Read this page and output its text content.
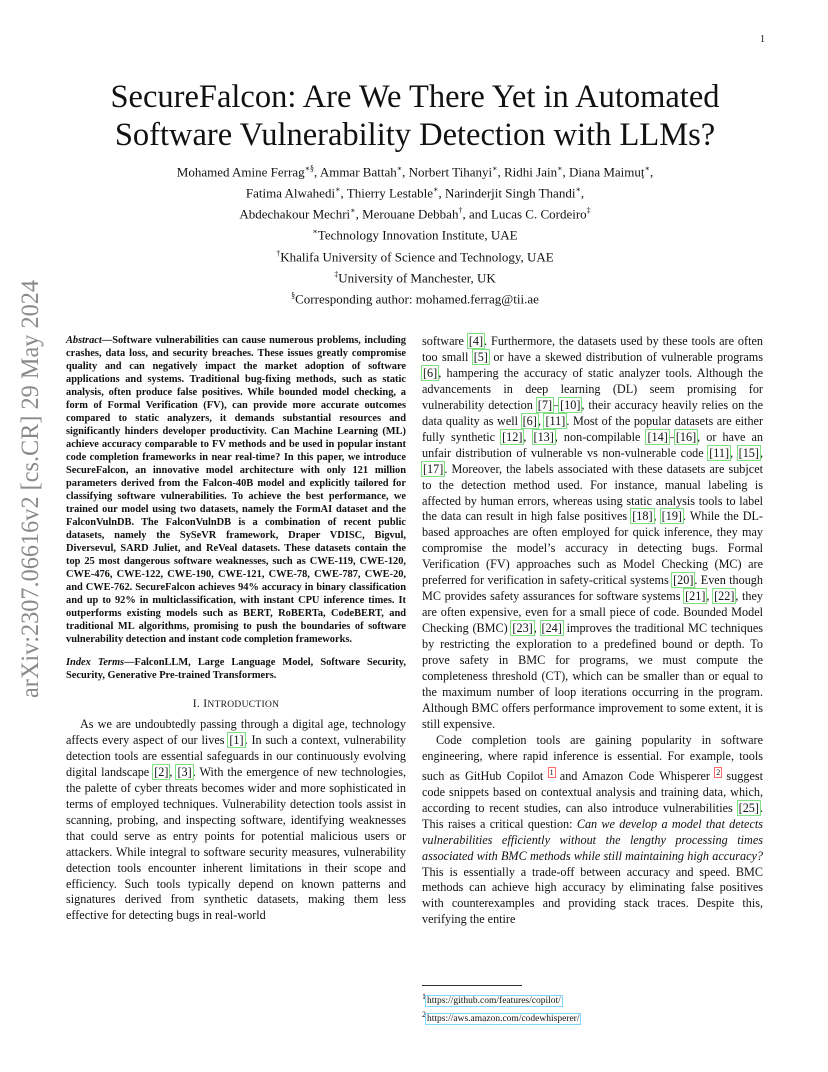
1
arXiv:2307.06616v2 [cs.CR] 29 May 2024
SecureFalcon: Are We There Yet in Automated
Software Vulnerability Detection with LLMs?
Mohamed Amine Ferrag∗§, Ammar Battah∗, Norbert Tihanyi∗, Ridhi Jain∗, Diana Maimuț∗,
Fatima Alwahedi∗, Thierry Lestable∗, Narinderjit Singh Thandi∗,
Abdechakour Mechri∗, Merouane Debbah†, and Lucas C. Cordeiro‡
∗Technology Innovation Institute, UAE
†Khalifa University of Science and Technology, UAE
‡University of Manchester, UK
§Corresponding author: mohamed.ferrag@tii.ae
Abstract—Software vulnerabilities can cause numerous problems, including crashes, data loss, and security breaches. These issues greatly compromise quality and can negatively impact the market adoption of software applications and systems. Traditional bug-fixing methods, such as static analysis, often produce false positives. While bounded model checking, a form of Formal Verification (FV), can provide more accurate outcomes compared to static analyzers, it demands substantial resources and significantly hinders developer productivity. Can Machine Learning (ML) achieve accuracy comparable to FV methods and be used in popular instant code completion frameworks in near real-time? In this paper, we introduce SecureFalcon, an innovative model architecture with only 121 million parameters derived from the Falcon-40B model and explicitly tailored for classifying software vulnerabilities. To achieve the best performance, we trained our model using two datasets, namely the FormAI dataset and the FalconVulnDB. The FalconVulnDB is a combination of recent public datasets, namely the SySeVR framework, Draper VDISC, Bigvul, Diversevul, SARD Juliet, and ReVeal datasets. These datasets contain the top 25 most dangerous software weaknesses, such as CWE-119, CWE-120, CWE-476, CWE-122, CWE-190, CWE-121, CWE-78, CWE-787, CWE-20, and CWE-762. SecureFalcon achieves 94% accuracy in binary classification and up to 92% in multiclassification, with instant CPU inference times. It outperforms existing models such as BERT, RoBERTa, CodeBERT, and traditional ML algorithms, promising to push the boundaries of software vulnerability detection and instant code completion frameworks.
Index Terms—FalconLLM, Large Language Model, Software Security, Security, Generative Pre-trained Transformers.
I. INTRODUCTION

As we are undoubtedly passing through a digital age, technology affects every aspect of our lives [1]. In such a context, vulnerability detection tools are essential safeguards in our continuously evolving digital landscape [2], [3]. With the emergence of new technologies, the palette of cyber threats becomes wider and more sophisticated in terms of employed techniques. Vulnerability detection tools assist in scanning, probing, and inspecting software, identifying weaknesses that could serve as entry points for potential malicious users or attackers. While integral to software security measures, vulnerability detection tools encounter inherent limitations in their scope and efficiency. Such tools typically depend on known patterns and signatures derived from synthetic datasets, making them less effective for detecting bugs in real-world

software [4]. Furthermore, the datasets used by these tools are often too small [5] or have a skewed distribution of vulnerable programs [6], hampering the accuracy of static analyzer tools. Although the advancements in deep learning (DL) seem promising for vulnerability detection [7]–[10], their accuracy heavily relies on the data quality as well [6], [11]. Most of the popular datasets are either fully synthetic [12], [13], non-compilable [14]–[16], or have an unfair distribution of vulnerable vs non-vulnerable code [11], [15], [17]. Moreover, the labels associated with these datasets are subjcet to the detection method used. For instance, manual labeling is affected by human errors, whereas using static analysis tools to label the data can result in high false positives [18], [19]. While the DL-based approaches are often employed for quick inference, they may compromise the model’s accuracy in detecting bugs. Formal Verification (FV) approaches such as Model Checking (MC) are preferred for verification in safety-critical systems [20]. Even though MC provides safety assurances for software systems [21], [22], they are often expensive, even for a small piece of code. Bounded Model Checking (BMC) [23], [24] improves the traditional MC techniques by restricting the exploration to a predefined bound or depth. To prove safety in BMC for programs, we must compute the completeness threshold (CT), which can be smaller than or equal to the maximum number of loop iterations occurring in the program. Although BMC offers performance improvement to some extent, it is still expensive.

Code completion tools are gaining popularity in software engineering, where rapid inference is essential. For example, tools such as GitHub Copilot $^1$ and Amazon Code Whisperer $^2$ suggest code snippets based on contextual analysis and training data, which, according to recent studies, can also introduce vulnerabilities [25]. This raises a critical question: Can we develop a model that detects vulnerabilities efficiently without the lengthy processing times associated with BMC methods while still maintaining high accuracy? This is essentially a trade-off between accuracy and speed. BMC methods can achieve high accuracy by eliminating false positives with counterexamples and providing stack traces. Despite this, verifying the entire

$^1$https://github.com/features/copilot/
$^2$https://aws.amazon.com/codewhisperer/
